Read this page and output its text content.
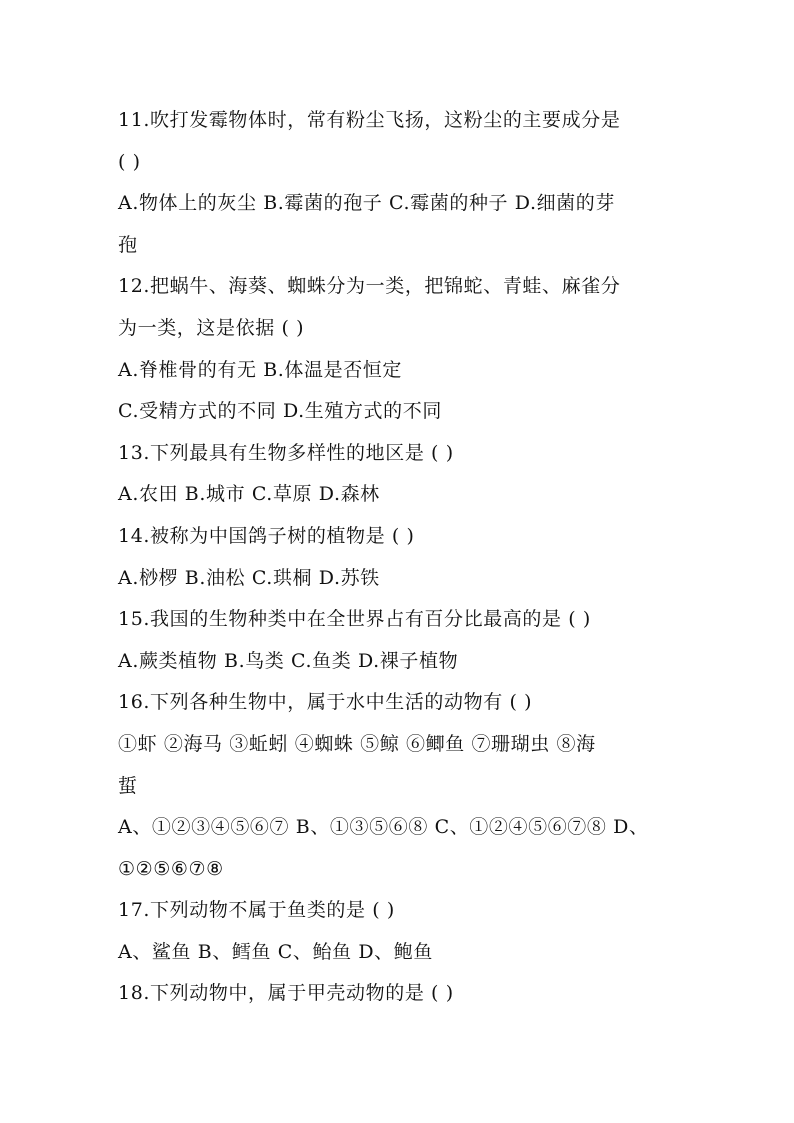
11.吹打发霉物体时，常有粉尘飞扬，这粉尘的主要成分是
( )
A.物体上的灰尘 B.霉菌的孢子 C.霉菌的种子 D.细菌的芽
孢
12.把蜗牛、海葵、蜘蛛分为一类，把锦蛇、青蛙、麻雀分
为一类，这是依据 ( )
A.脊椎骨的有无 B.体温是否恒定
C.受精方式的不同 D.生殖方式的不同
13.下列最具有生物多样性的地区是 ( )
A.农田 B.城市 C.草原 D.森林
14.被称为中国鸽子树的植物是 ( )
A.桫椤 B.油松 C.珙桐 D.苏铁
15.我国的生物种类中在全世界占有百分比最高的是 ( )
A.蕨类植物 B.鸟类 C.鱼类 D.裸子植物
16.下列各种生物中，属于水中生活的动物有 ( )
①虾 ②海马 ③蚯蚓 ④蜘蛛 ⑤鲸 ⑥鲫鱼 ⑦珊瑚虫 ⑧海
蜇
A、①②③④⑤⑥⑦ B、①③⑤⑥⑧ C、①②④⑤⑥⑦⑧ D、
①②⑤⑥⑦⑧
17.下列动物不属于鱼类的是 ( )
A、鲨鱼 B、鳕鱼 C、鲐鱼 D、鲍鱼
18.下列动物中，属于甲壳动物的是 ( )
